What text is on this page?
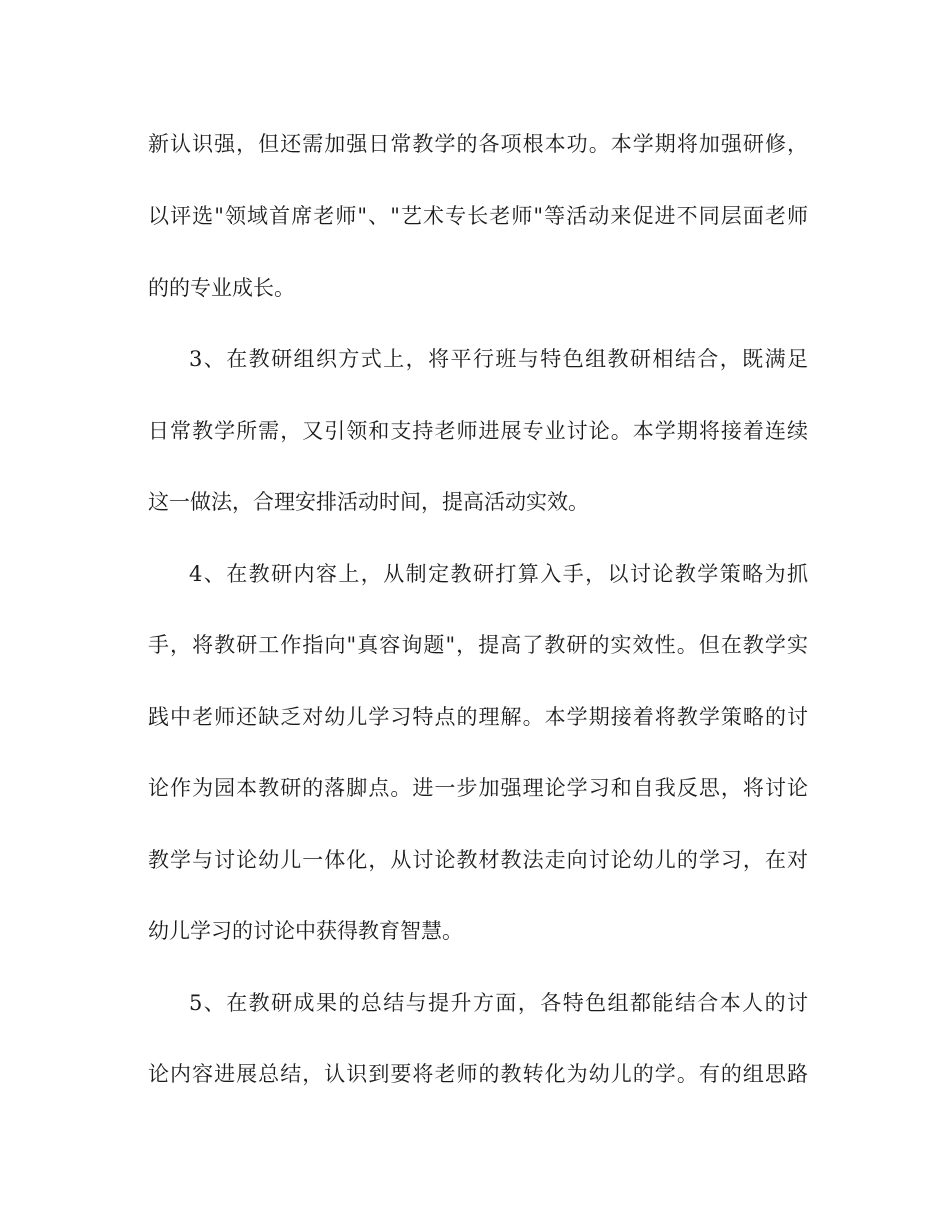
新认识强，但还需加强日常教学的各项根本功。本学期将加强研修，
以评选"领域首席老师"、"艺术专长老师"等活动来促进不同层面老师
的的专业成长。
3、在教研组织方式上，将平行班与特色组教研相结合，既满足
日常教学所需，又引领和支持老师进展专业讨论。本学期将接着连续
这一做法，合理安排活动时间，提高活动实效。
4、在教研内容上，从制定教研打算入手，以讨论教学策略为抓
手，将教研工作指向"真容询题"，提高了教研的实效性。但在教学实
践中老师还缺乏对幼儿学习特点的理解。本学期接着将教学策略的讨
论作为园本教研的落脚点。进一步加强理论学习和自我反思，将讨论
教学与讨论幼儿一体化，从讨论教材教法走向讨论幼儿的学习，在对
幼儿学习的讨论中获得教育智慧。
5、在教研成果的总结与提升方面，各特色组都能结合本人的讨
论内容进展总结，认识到要将老师的教转化为幼儿的学。有的组思路
